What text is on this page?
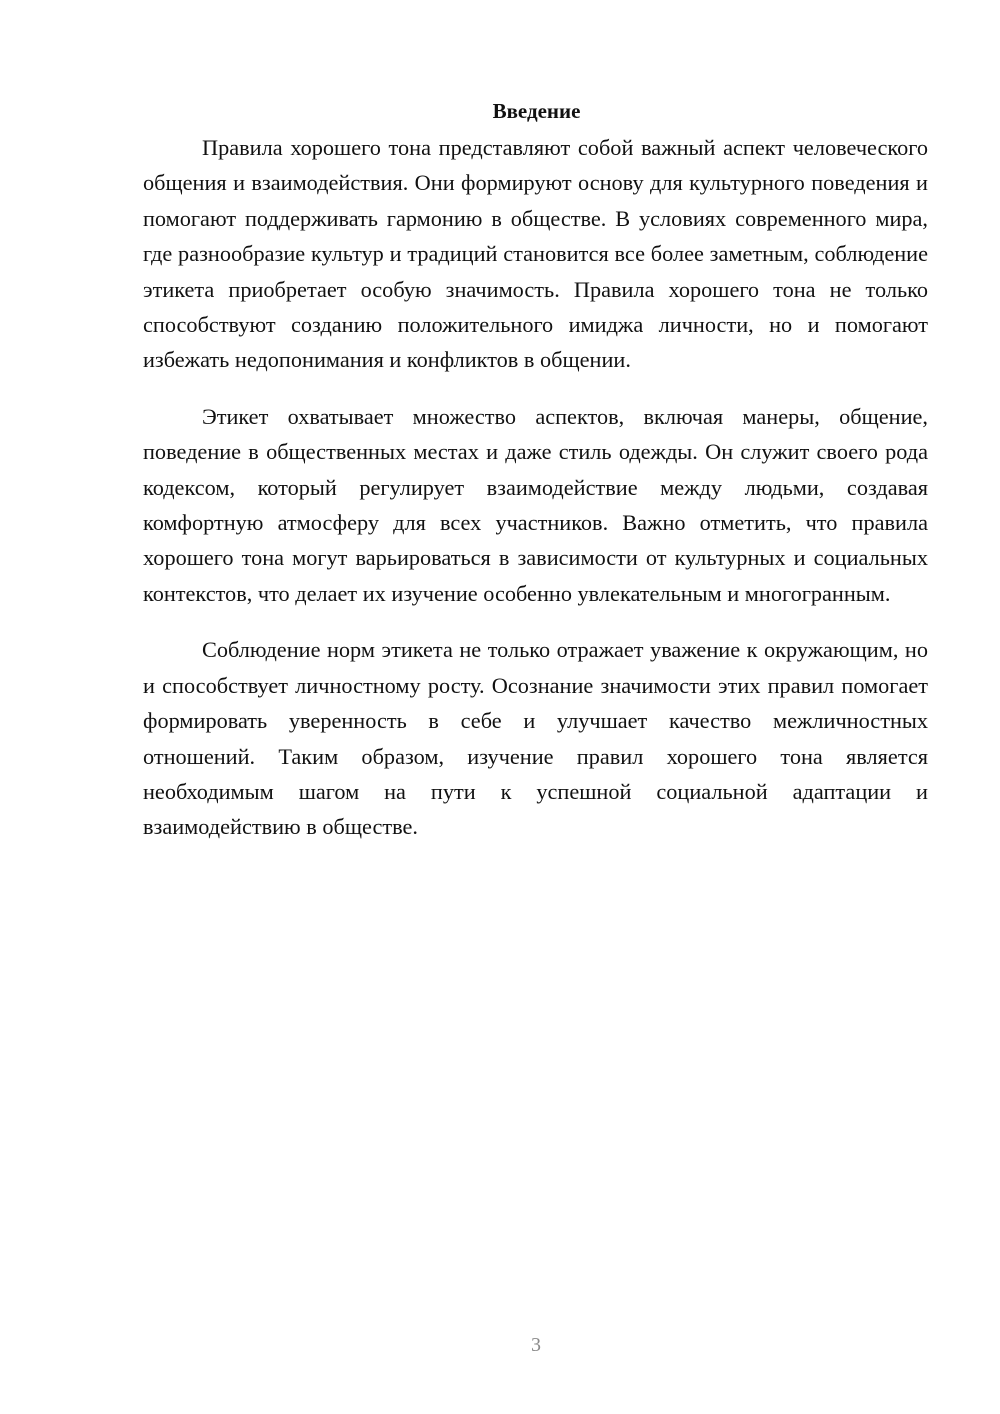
Введение

Правила хорошего тона представляют собой важный аспект человеческого общения и взаимодействия. Они формируют основу для культурного поведения и помогают поддерживать гармонию в обществе. В условиях современного мира, где разнообразие культур и традиций становится все более заметным, соблюдение этикета приобретает особую значимость. Правила хорошего тона не только способствуют созданию положительного имиджа личности, но и помогают избежать недопонимания и конфликтов в общении.

Этикет охватывает множество аспектов, включая манеры, общение, поведение в общественных местах и даже стиль одежды. Он служит своего рода кодексом, который регулирует взаимодействие между людьми, создавая комфортную атмосферу для всех участников. Важно отметить, что правила хорошего тона могут варьироваться в зависимости от культурных и социальных контекстов, что делает их изучение особенно увлекательным и многогранным.

Соблюдение норм этикета не только отражает уважение к окружающим, но и способствует личностному росту. Осознание значимости этих правил помогает формировать уверенность в себе и улучшает качество межличностных отношений. Таким образом, изучение правил хорошего тона является необходимым шагом на пути к успешной социальной адаптации и взаимодействию в обществе.

3
